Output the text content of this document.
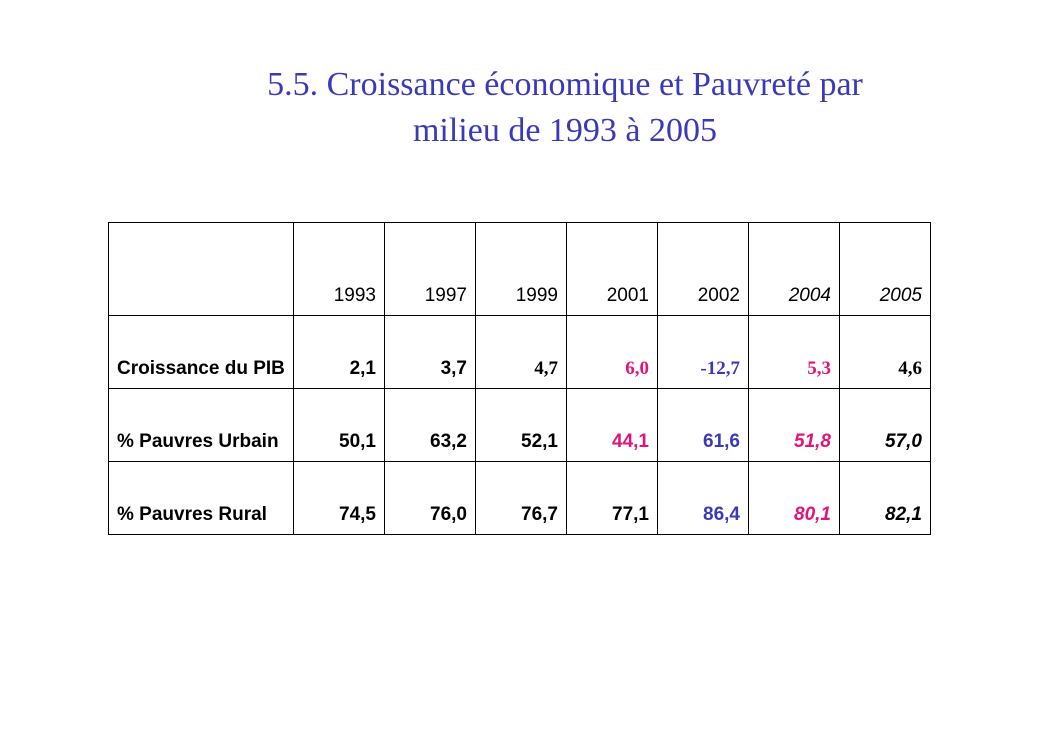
5.5. Croissance économique et Pauvreté par
milieu de 1993 à 2005
	1993	1997	1999	2001	2002	2004	2005
Croissance du PIB	2,1	3,7	4,7	6,0	-12,7	5,3	4,6
% Pauvres Urbain	50,1	63,2	52,1	44,1	61,6	51,8	57,0
% Pauvres Rural	74,5	76,0	76,7	77,1	86,4	80,1	82,1
